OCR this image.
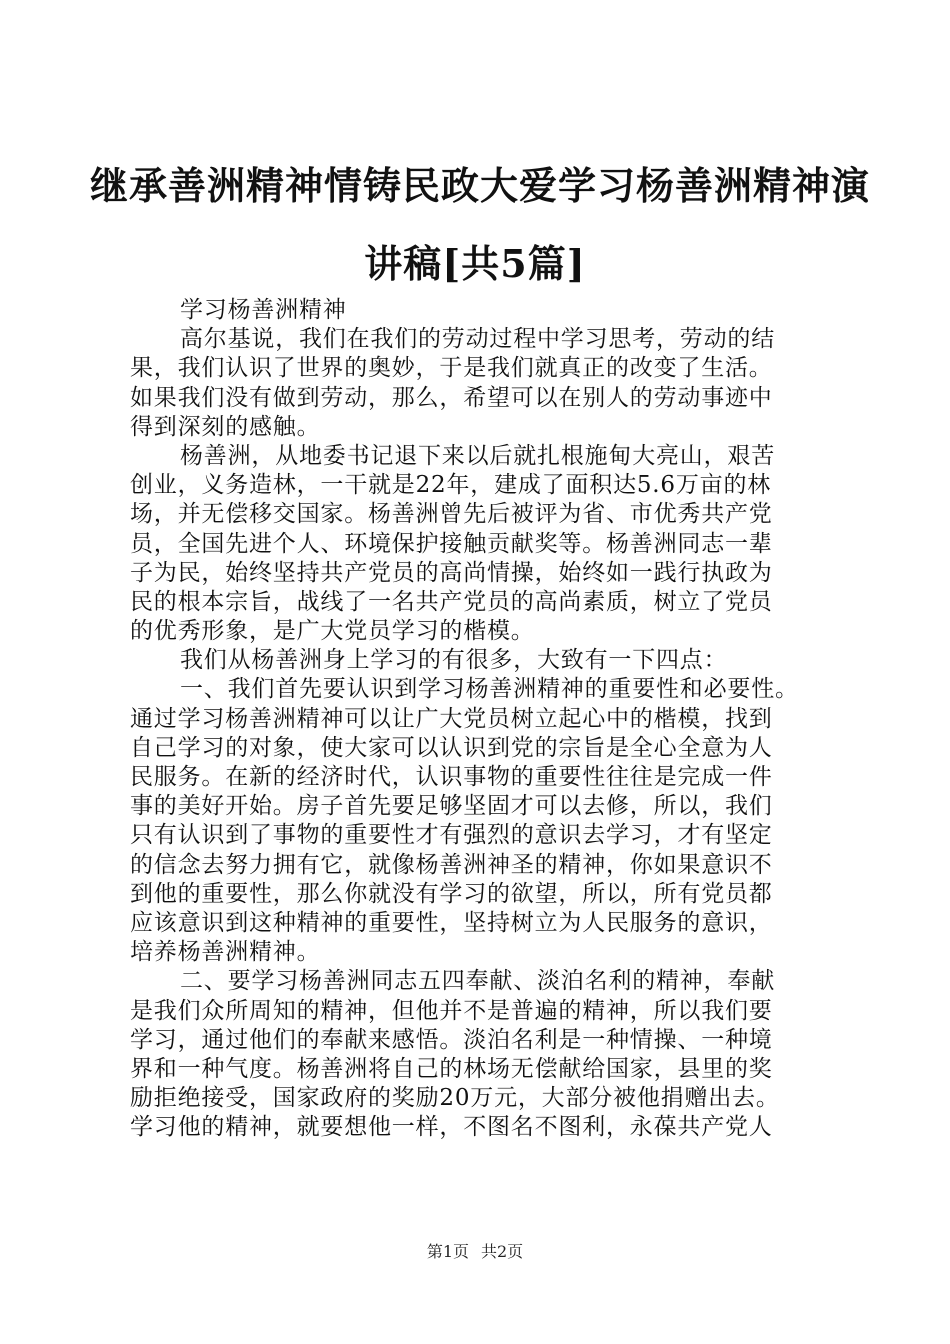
继承善洲精神情铸民政大爱学习杨善洲精神演
讲稿[共5篇]

学习杨善洲精神

高尔基说，我们在我们的劳动过程中学习思考，劳动的结

果，我们认识了世界的奥妙，于是我们就真正的改变了生活。

如果我们没有做到劳动，那么，希望可以在别人的劳动事迹中

得到深刻的感触。

杨善洲，从地委书记退下来以后就扎根施甸大亮山，艰苦

创业，义务造林，一干就是22年，建成了面积达5.6万亩的林

场，并无偿移交国家。杨善洲曾先后被评为省、市优秀共产党

员，全国先进个人、环境保护接触贡献奖等。杨善洲同志一辈

子为民，始终坚持共产党员的高尚情操，始终如一践行执政为

民的根本宗旨，战线了一名共产党员的高尚素质，树立了党员

的优秀形象，是广大党员学习的楷模。

我们从杨善洲身上学习的有很多，大致有一下四点：

一、我们首先要认识到学习杨善洲精神的重要性和必要性。

通过学习杨善洲精神可以让广大党员树立起心中的楷模，找到

自己学习的对象，使大家可以认识到党的宗旨是全心全意为人

民服务。在新的经济时代，认识事物的重要性往往是完成一件

事的美好开始。房子首先要足够坚固才可以去修，所以，我们

只有认识到了事物的重要性才有强烈的意识去学习，才有坚定

的信念去努力拥有它，就像杨善洲神圣的精神，你如果意识不

到他的重要性，那么你就没有学习的欲望，所以，所有党员都

应该意识到这种精神的重要性，坚持树立为人民服务的意识，

培养杨善洲精神。

二、要学习杨善洲同志五四奉献、淡泊名利的精神，奉献

是我们众所周知的精神，但他并不是普遍的精神，所以我们要

学习，通过他们的奉献来感悟。淡泊名利是一种情操、一种境

界和一种气度。杨善洲将自己的林场无偿献给国家，县里的奖

励拒绝接受，国家政府的奖励20万元，大部分被他捐赠出去。

学习他的精神，就要想他一样，不图名不图利，永葆共产党人

第1页 共2页
